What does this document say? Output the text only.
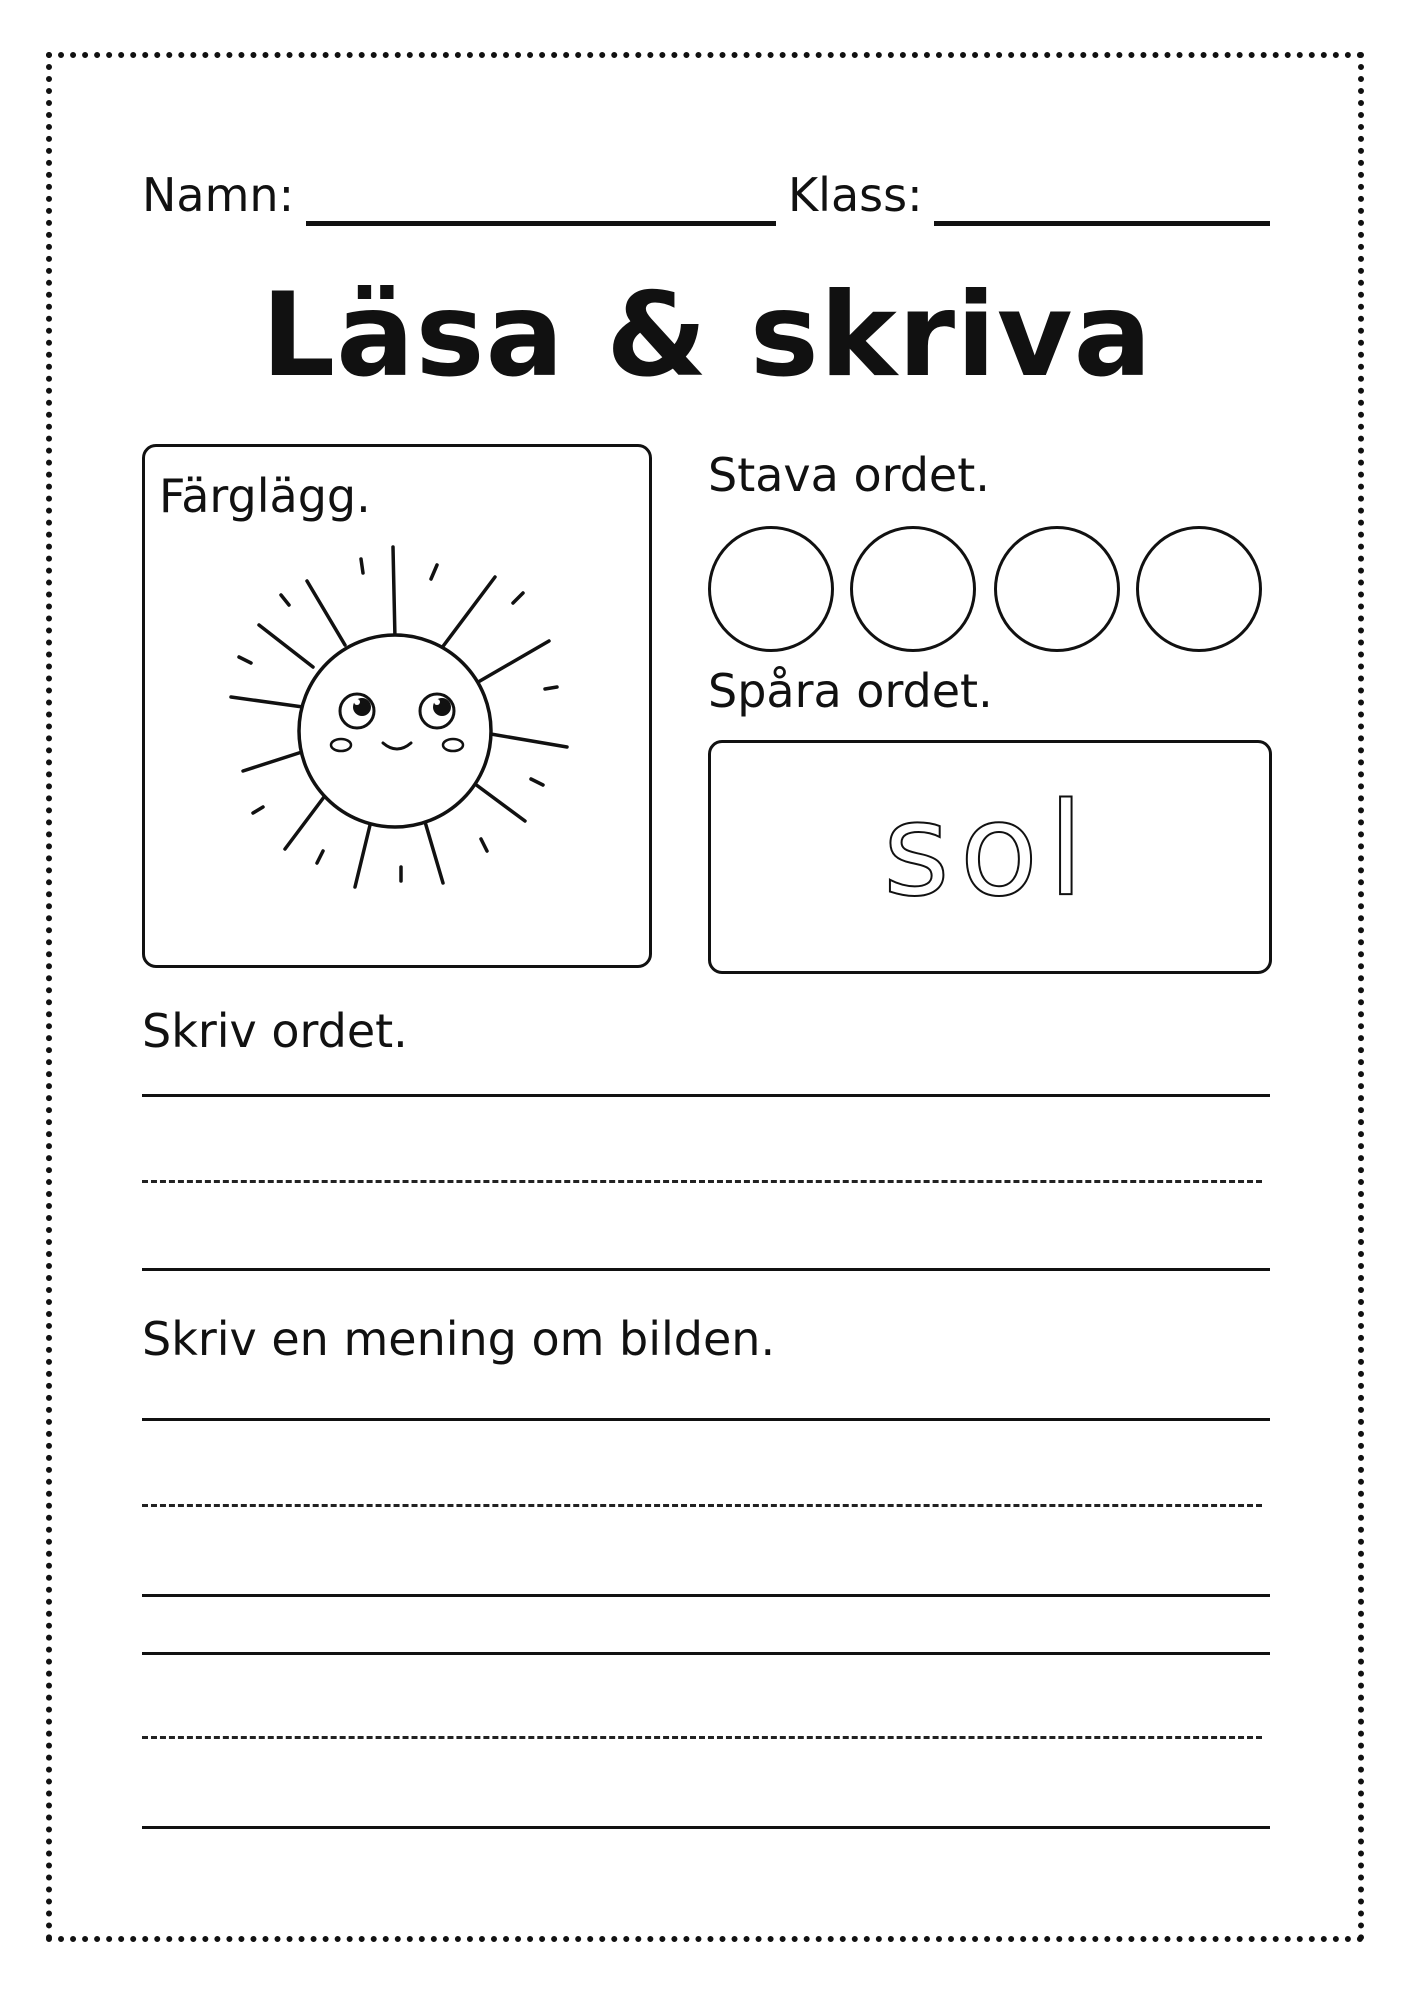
Namn:	Klass:
Läsa & skriva
Färglägg.	Stava ordet.
Spåra ordet.
sol
Skriv ordet.
Skriv en mening om bilden.
